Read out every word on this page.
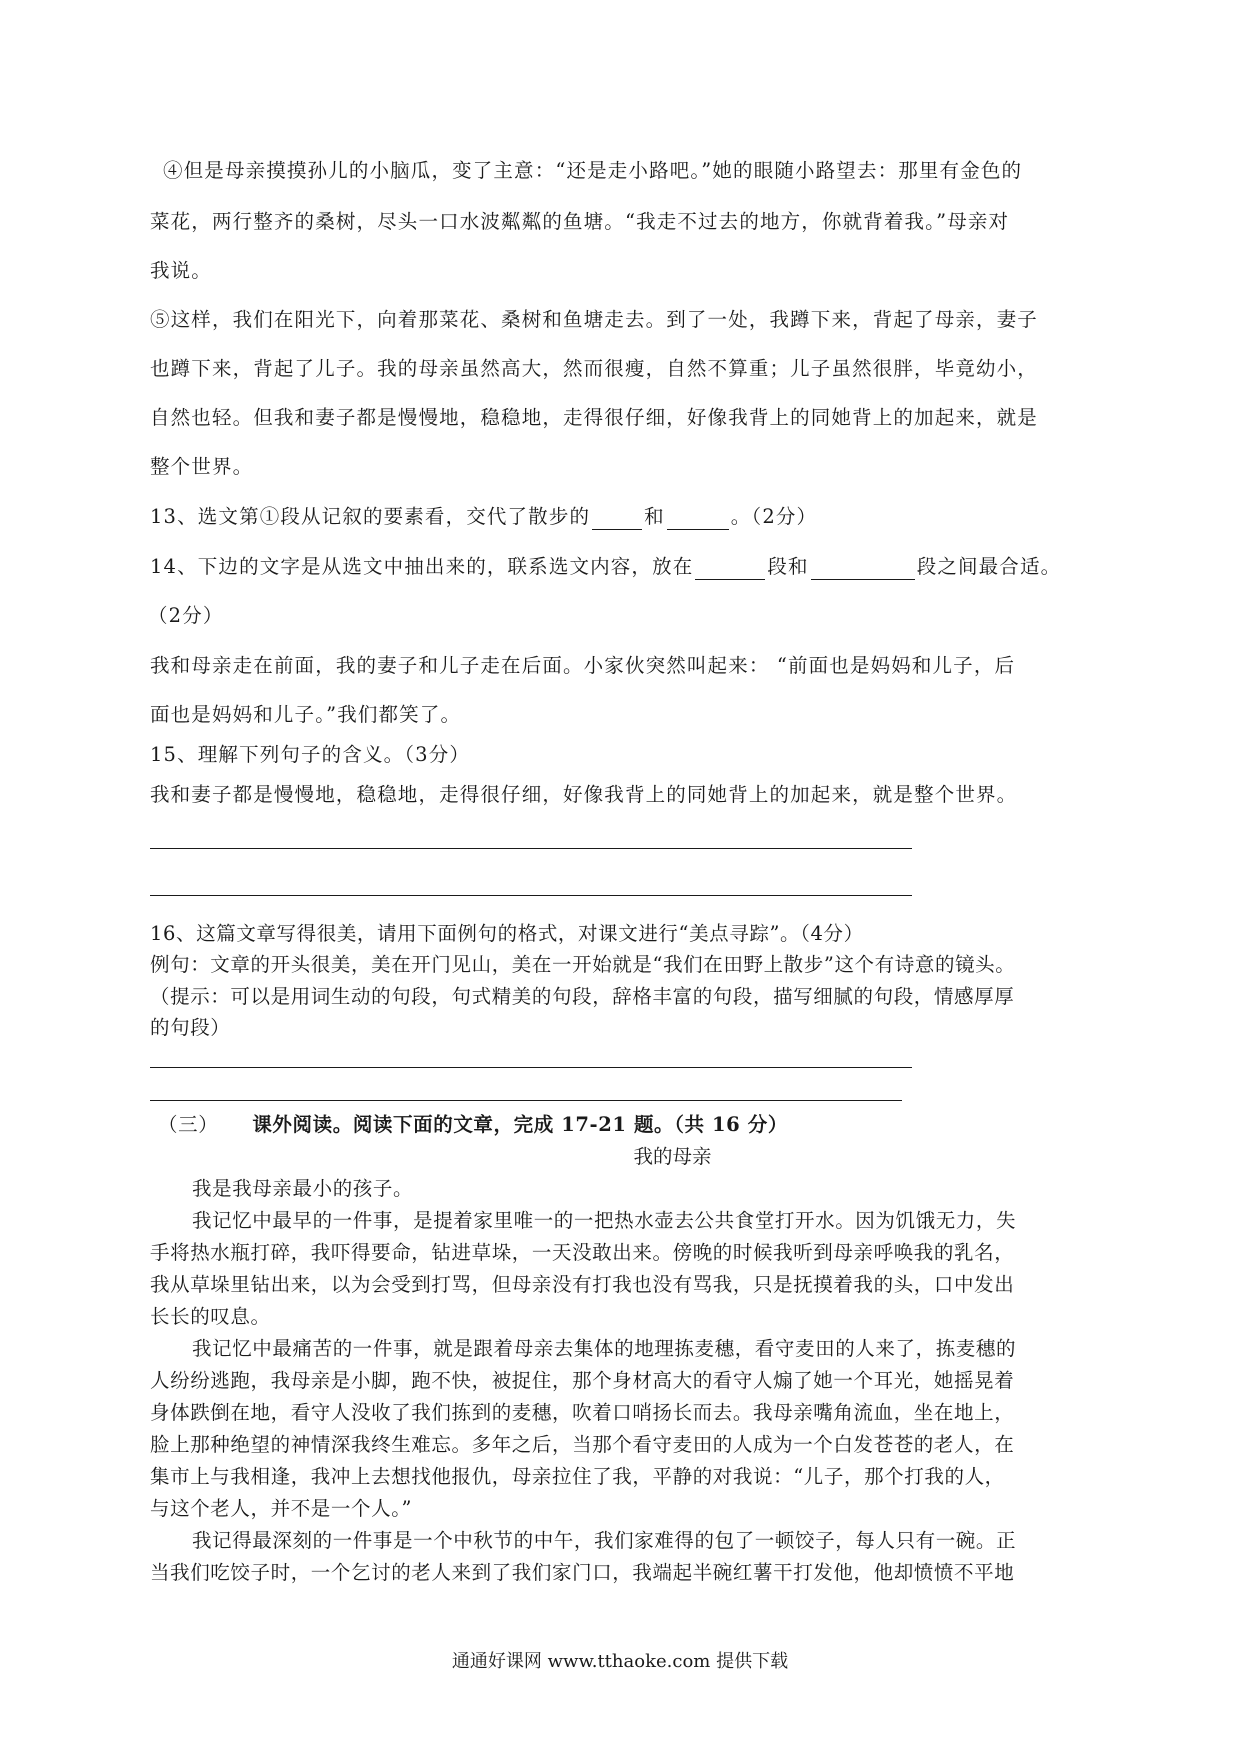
④但是母亲摸摸孙儿的小脑瓜，变了主意：“还是走小路吧。”她的眼随小路望去：那里有金色的
菜花，两行整齐的桑树，尽头一口水波粼粼的鱼塘。“我走不过去的地方，你就背着我。”母亲对
我说。
⑤这样，我们在阳光下，向着那菜花、桑树和鱼塘走去。到了一处，我蹲下来，背起了母亲，妻子
也蹲下来，背起了儿子。我的母亲虽然高大，然而很瘦，自然不算重；儿子虽然很胖，毕竟幼小，
自然也轻。但我和妻子都是慢慢地，稳稳地，走得很仔细，好像我背上的同她背上的加起来，就是
整个世界。
13、选文第①段从记叙的要素看，交代了散步的	和	。（2分）
14、下边的文字是从选文中抽出来的，联系选文内容，放在	段和	段之间最合适。
（2分）
我和母亲走在前面，我的妻子和儿子走在后面。小家伙突然叫起来： “前面也是妈妈和儿子，后
面也是妈妈和儿子。”我们都笑了。
15、理解下列句子的含义。（3分）
我和妻子都是慢慢地，稳稳地，走得很仔细，好像我背上的同她背上的加起来，就是整个世界。
16、这篇文章写得很美，请用下面例句的格式，对课文进行“美点寻踪”。（4分）
例句：文章的开头很美，美在开门见山，美在一开始就是“我们在田野上散步”这个有诗意的镜头。
（提示：可以是用词生动的句段，句式精美的句段，辞格丰富的句段，描写细腻的句段，情感厚厚
的句段）
（三） 课外阅读。阅读下面的文章，完成 17-21 题。（共 16 分）
我的母亲
我是我母亲最小的孩子。
我记忆中最早的一件事，是提着家里唯一的一把热水壶去公共食堂打开水。因为饥饿无力，失
手将热水瓶打碎，我吓得要命，钻进草垛，一天没敢出来。傍晚的时候我听到母亲呼唤我的乳名，
我从草垛里钻出来，以为会受到打骂，但母亲没有打我也没有骂我，只是抚摸着我的头，口中发出
长长的叹息。
我记忆中最痛苦的一件事，就是跟着母亲去集体的地理拣麦穗，看守麦田的人来了，拣麦穗的
人纷纷逃跑，我母亲是小脚，跑不快，被捉住，那个身材高大的看守人煽了她一个耳光，她摇晃着
身体跌倒在地，看守人没收了我们拣到的麦穗，吹着口哨扬长而去。我母亲嘴角流血，坐在地上，
脸上那种绝望的神情深我终生难忘。多年之后，当那个看守麦田的人成为一个白发苍苍的老人，在
集市上与我相逢，我冲上去想找他报仇，母亲拉住了我，平静的对我说：“儿子，那个打我的人，
与这个老人，并不是一个人。”
我记得最深刻的一件事是一个中秋节的中午，我们家难得的包了一顿饺子，每人只有一碗。正
当我们吃饺子时，一个乞讨的老人来到了我们家门口，我端起半碗红薯干打发他，他却愤愤不平地
通通好课网 www.tthaoke.com 提供下载
